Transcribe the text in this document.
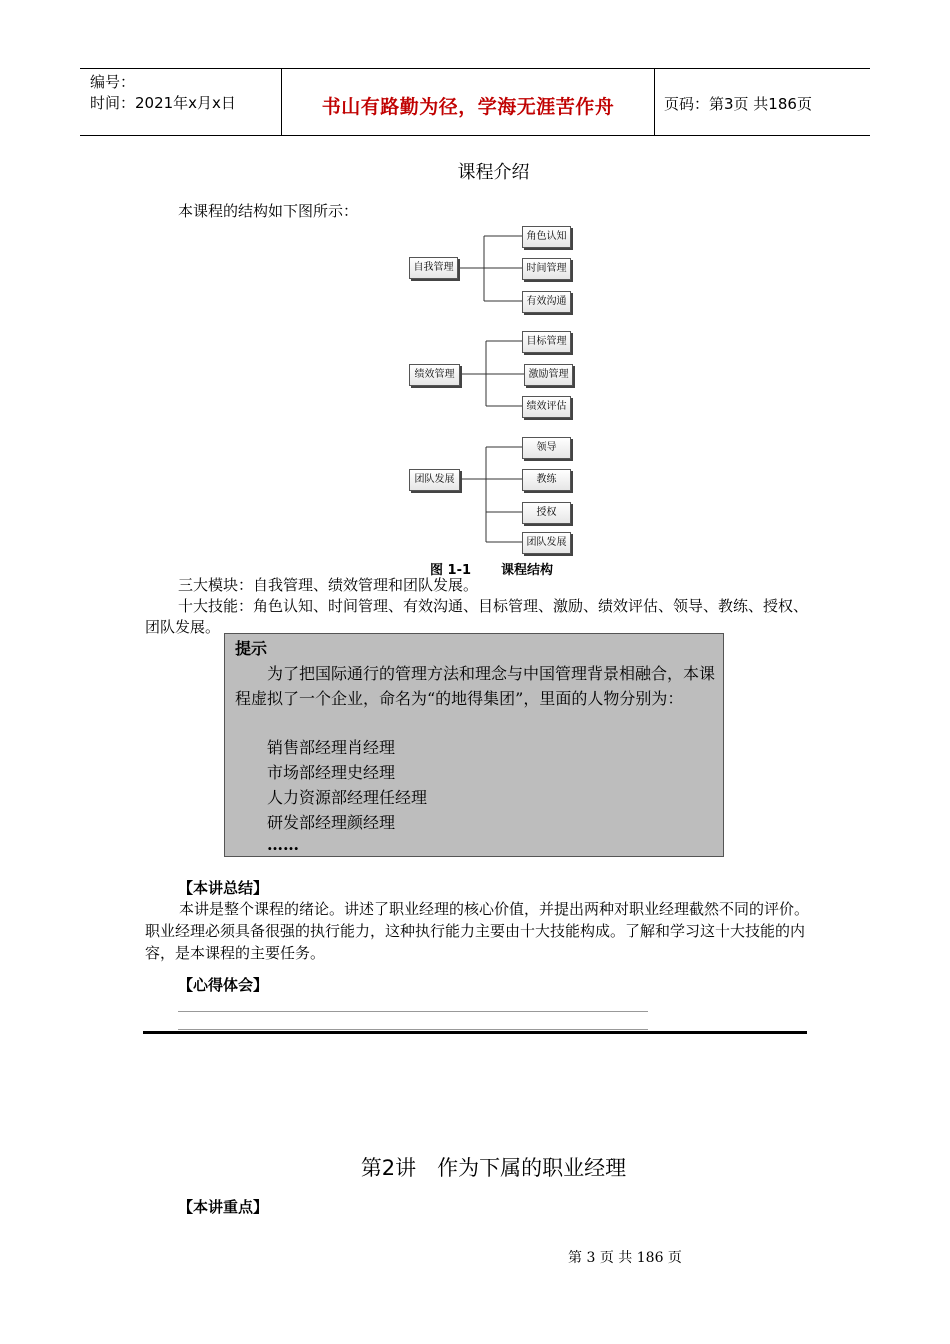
编号：
时间：2021年x月x日	书山有路勤为径，学海无涯苦作舟	页码：第3页 共186页
课程介绍
本课程的结构如下图所示：
自我管理
角色认知
时间管理
有效沟通
绩效管理
目标管理
激励管理
绩效评估
团队发展
领导
教练
授权
团队发展
图 1-1 课程结构
三大模块：自我管理、绩效管理和团队发展。
十大技能：角色认知、时间管理、有效沟通、目标管理、激励、绩效评估、领导、教练、授权、团队发展。
提示
为了把国际通行的管理方法和理念与中国管理背景相融合，本课程虚拟了一个企业，命名为“的地得集团”，里面的人物分别为：
销售部经理肖经理
市场部经理史经理
人力资源部经理任经理
研发部经理颜经理
……
【本讲总结】
本讲是整个课程的绪论。讲述了职业经理的核心价值，并提出两种对职业经理截然不同的评价。职业经理必须具备很强的执行能力，这种执行能力主要由十大技能构成。了解和学习这十大技能的内容，是本课程的主要任务。
【心得体会】
第2讲　作为下属的职业经理
【本讲重点】
第 3 页 共 186 页
